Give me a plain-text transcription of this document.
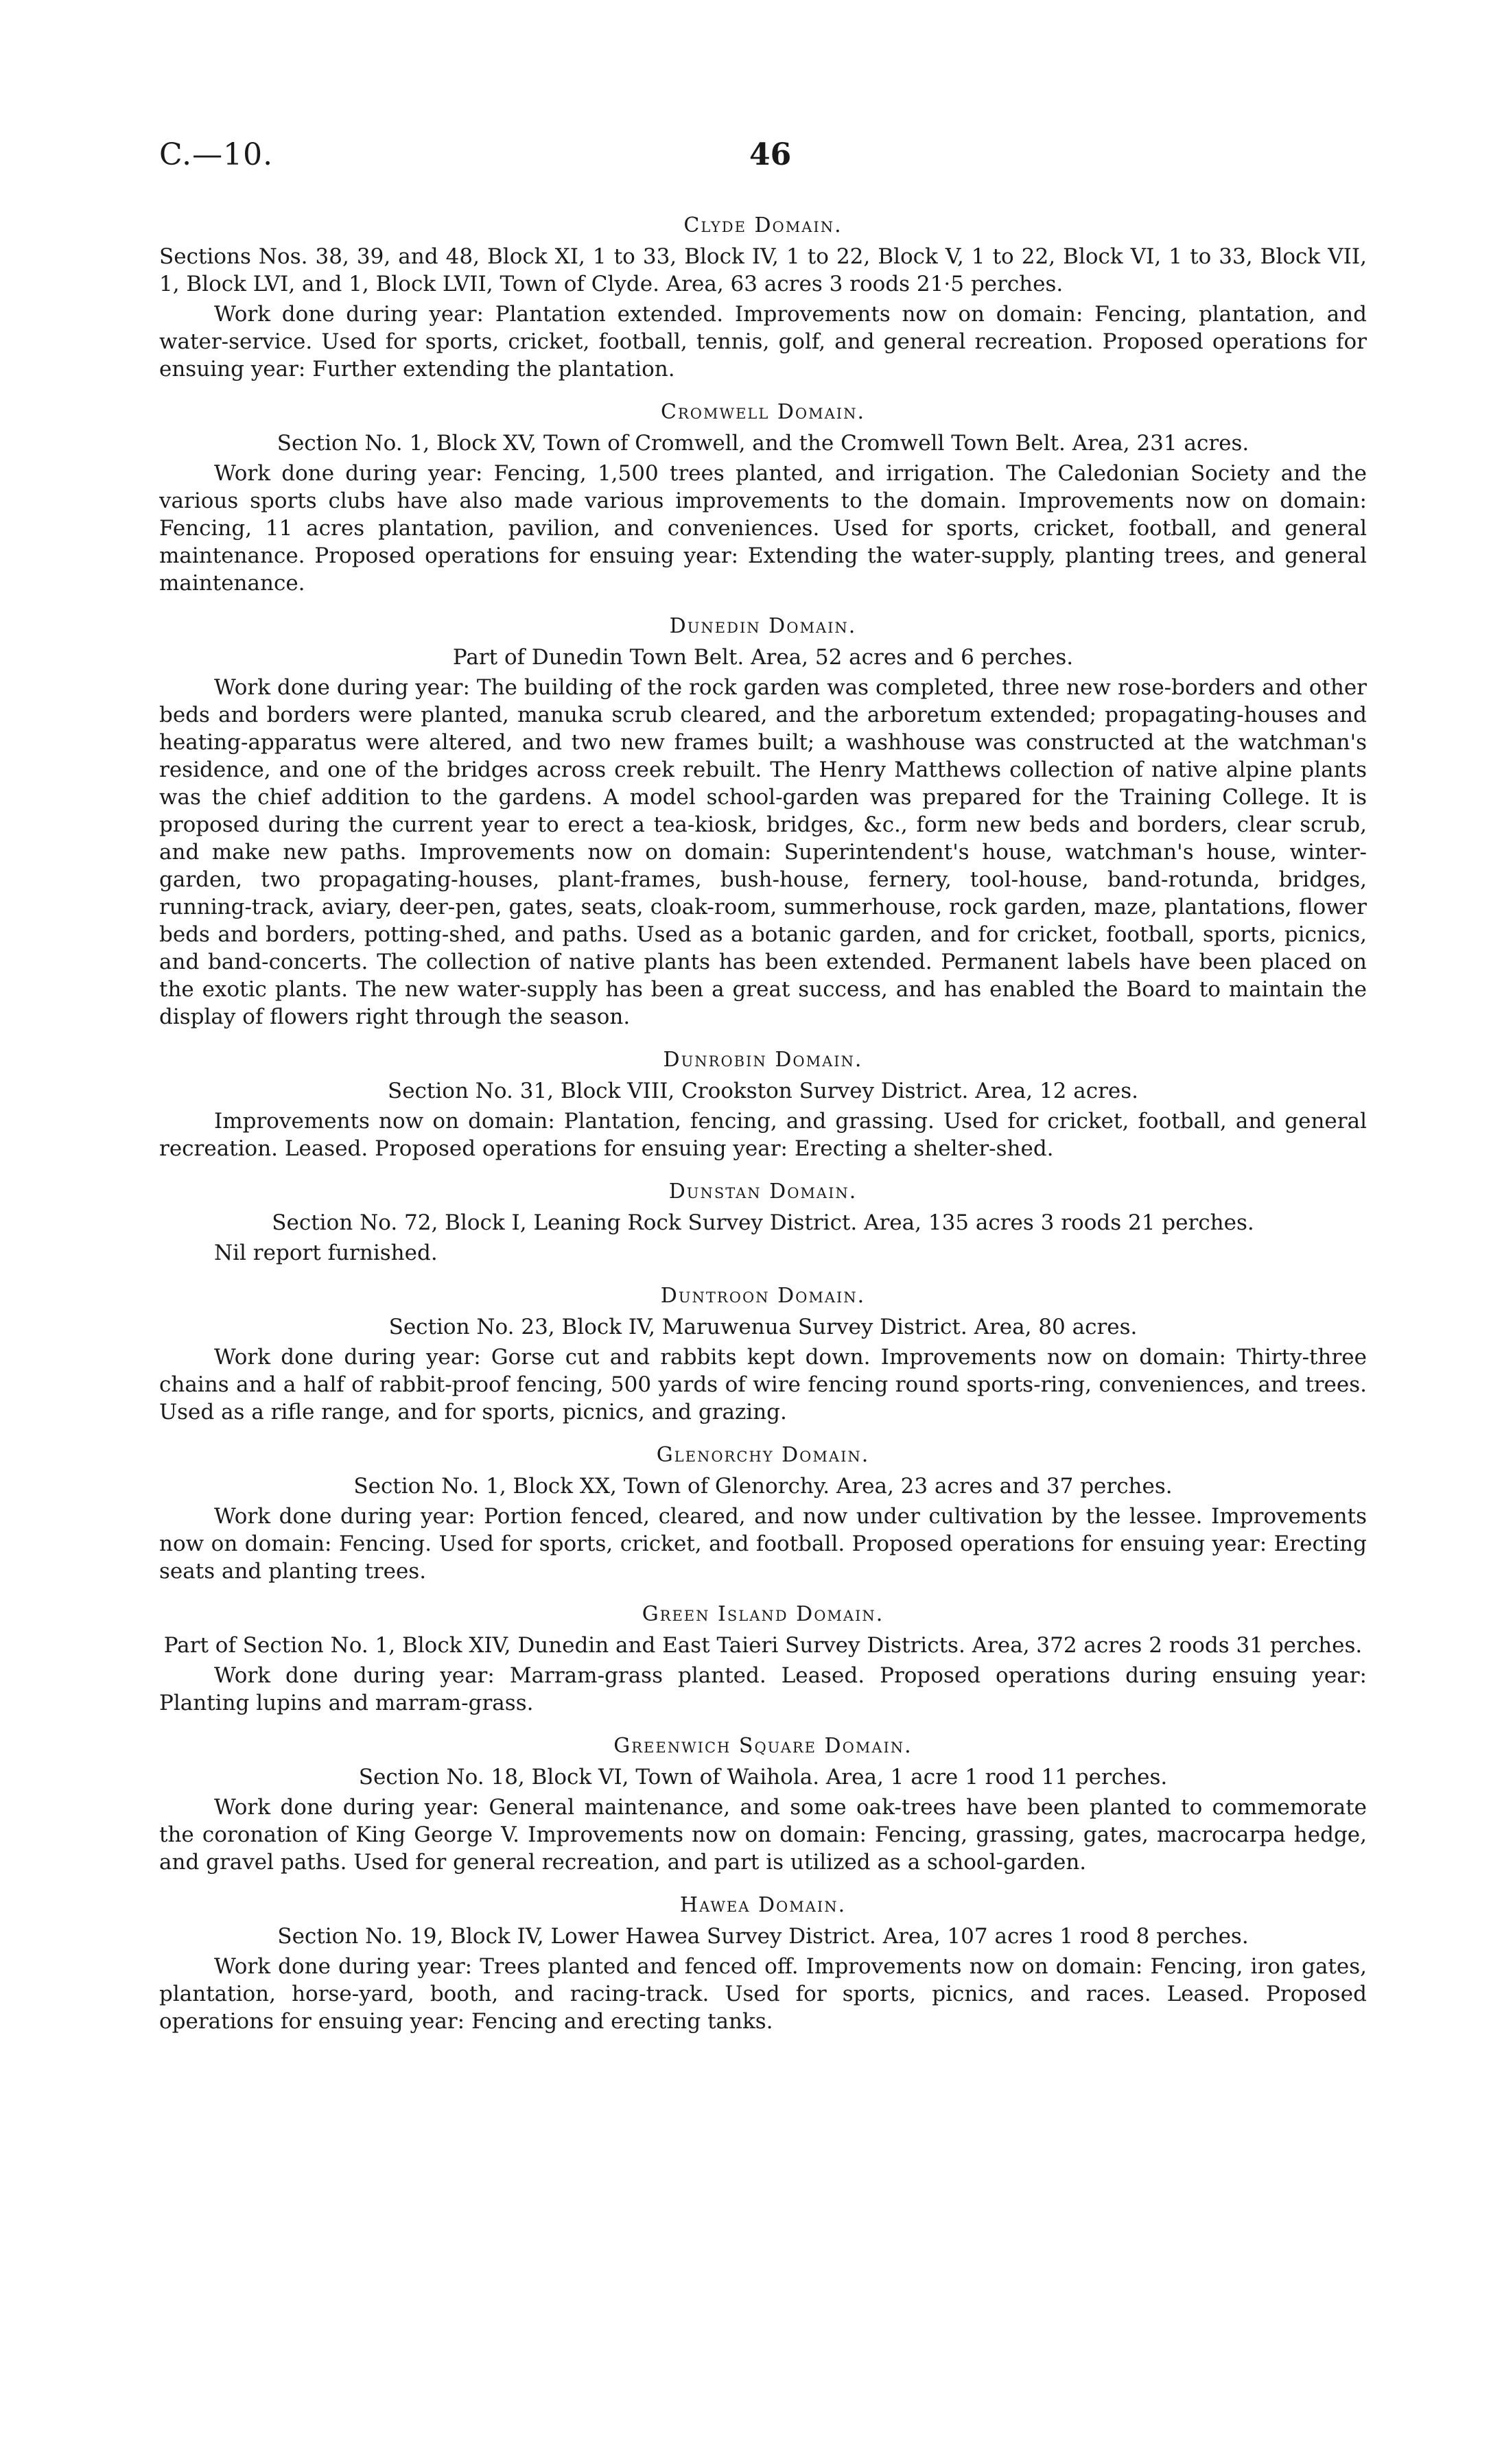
C.—10.	46
Clyde Domain.

Sections Nos. 38, 39, and 48, Block XI, 1 to 33, Block IV, 1 to 22, Block V, 1 to 22, Block VI, 1 to 33, Block VII, 1, Block LVI, and 1, Block LVII, Town of Clyde. Area, 63 acres 3 roods 21·5 perches.

Work done during year: Plantation extended. Improvements now on domain: Fencing, plantation, and water-service. Used for sports, cricket, football, tennis, golf, and general recreation. Proposed operations for ensuing year: Further extending the plantation.

Cromwell Domain.

Section No. 1, Block XV, Town of Cromwell, and the Cromwell Town Belt. Area, 231 acres.

Work done during year: Fencing, 1,500 trees planted, and irrigation. The Caledonian Society and the various sports clubs have also made various improvements to the domain. Improvements now on domain: Fencing, 11 acres plantation, pavilion, and conveniences. Used for sports, cricket, football, and general maintenance. Proposed operations for ensuing year: Extending the water-supply, planting trees, and general maintenance.

Dunedin Domain.

Part of Dunedin Town Belt. Area, 52 acres and 6 perches.

Work done during year: The building of the rock garden was completed, three new rose-borders and other beds and borders were planted, manuka scrub cleared, and the arboretum extended; propagating-houses and heating-apparatus were altered, and two new frames built; a washhouse was constructed at the watchman's residence, and one of the bridges across creek rebuilt. The Henry Matthews collection of native alpine plants was the chief addition to the gardens. A model school-garden was prepared for the Training College. It is proposed during the current year to erect a tea-kiosk, bridges, &c., form new beds and borders, clear scrub, and make new paths. Improvements now on domain: Superintendent's house, watchman's house, winter-garden, two propagating-houses, plant-frames, bush-house, fernery, tool-house, band-rotunda, bridges, running-track, aviary, deer-pen, gates, seats, cloak-room, summerhouse, rock garden, maze, plantations, flower beds and borders, potting-shed, and paths. Used as a botanic garden, and for cricket, football, sports, picnics, and band-concerts. The collection of native plants has been extended. Permanent labels have been placed on the exotic plants. The new water-supply has been a great success, and has enabled the Board to maintain the display of flowers right through the season.

Dunrobin Domain.

Section No. 31, Block VIII, Crookston Survey District. Area, 12 acres.

Improvements now on domain: Plantation, fencing, and grassing. Used for cricket, football, and general recreation. Leased. Proposed operations for ensuing year: Erecting a shelter-shed.

Dunstan Domain.

Section No. 72, Block I, Leaning Rock Survey District. Area, 135 acres 3 roods 21 perches.

Nil report furnished.

Duntroon Domain.

Section No. 23, Block IV, Maruwenua Survey District. Area, 80 acres.

Work done during year: Gorse cut and rabbits kept down. Improvements now on domain: Thirty-three chains and a half of rabbit-proof fencing, 500 yards of wire fencing round sports-ring, conveniences, and trees. Used as a rifle range, and for sports, picnics, and grazing.

Glenorchy Domain.

Section No. 1, Block XX, Town of Glenorchy. Area, 23 acres and 37 perches.

Work done during year: Portion fenced, cleared, and now under cultivation by the lessee. Improvements now on domain: Fencing. Used for sports, cricket, and football. Proposed operations for ensuing year: Erecting seats and planting trees.

Green Island Domain.

Part of Section No. 1, Block XIV, Dunedin and East Taieri Survey Districts. Area, 372 acres 2 roods 31 perches.

Work done during year: Marram-grass planted. Leased. Proposed operations during ensuing year: Planting lupins and marram-grass.

Greenwich Square Domain.

Section No. 18, Block VI, Town of Waihola. Area, 1 acre 1 rood 11 perches.

Work done during year: General maintenance, and some oak-trees have been planted to commemorate the coronation of King George V. Improvements now on domain: Fencing, grassing, gates, macrocarpa hedge, and gravel paths. Used for general recreation, and part is utilized as a school-garden.

Hawea Domain.

Section No. 19, Block IV, Lower Hawea Survey District. Area, 107 acres 1 rood 8 perches.

Work done during year: Trees planted and fenced off. Improvements now on domain: Fencing, iron gates, plantation, horse-yard, booth, and racing-track. Used for sports, picnics, and races. Leased. Proposed operations for ensuing year: Fencing and erecting tanks.
